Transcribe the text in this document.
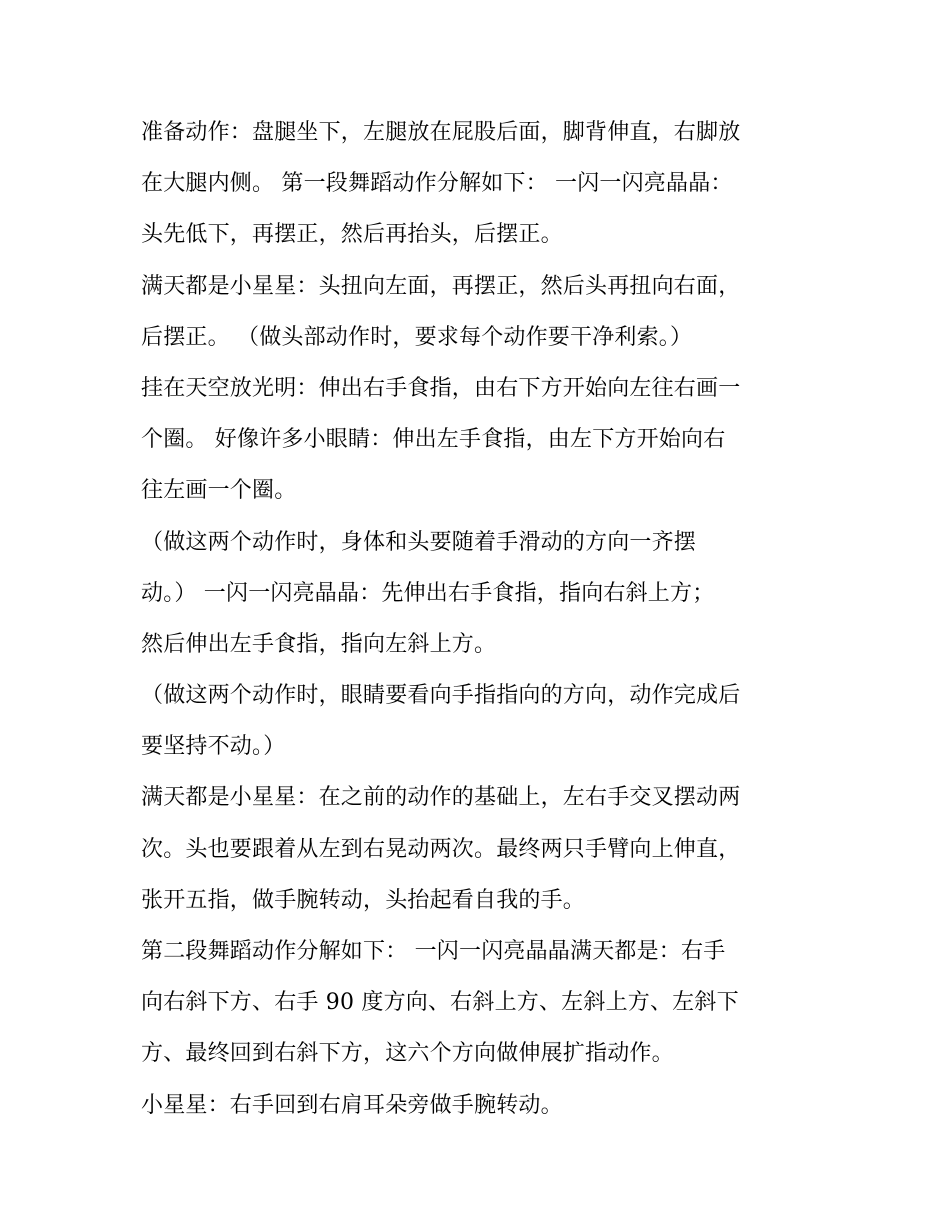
准备动作：盘腿坐下，左腿放在屁股后面，脚背伸直，右脚放
在大腿内侧。 第一段舞蹈动作分解如下： 一闪一闪亮晶晶：
头先低下，再摆正，然后再抬头，后摆正。
满天都是小星星：头扭向左面，再摆正，然后头再扭向右面，
后摆正。 （做头部动作时，要求每个动作要干净利索。）
挂在天空放光明：伸出右手食指，由右下方开始向左往右画一
个圈。 好像许多小眼睛：伸出左手食指，由左下方开始向右
往左画一个圈。
（做这两个动作时，身体和头要随着手滑动的方向一齐摆
动。） 一闪一闪亮晶晶：先伸出右手食指，指向右斜上方；
然后伸出左手食指，指向左斜上方。
（做这两个动作时，眼睛要看向手指指向的方向，动作完成后
要坚持不动。）
满天都是小星星：在之前的动作的基础上，左右手交叉摆动两
次。头也要跟着从左到右晃动两次。最终两只手臂向上伸直，
张开五指，做手腕转动，头抬起看自我的手。
第二段舞蹈动作分解如下： 一闪一闪亮晶晶满天都是：右手
向右斜下方、右手 90 度方向、右斜上方、左斜上方、左斜下
方、最终回到右斜下方，这六个方向做伸展扩指动作。
小星星：右手回到右肩耳朵旁做手腕转动。
